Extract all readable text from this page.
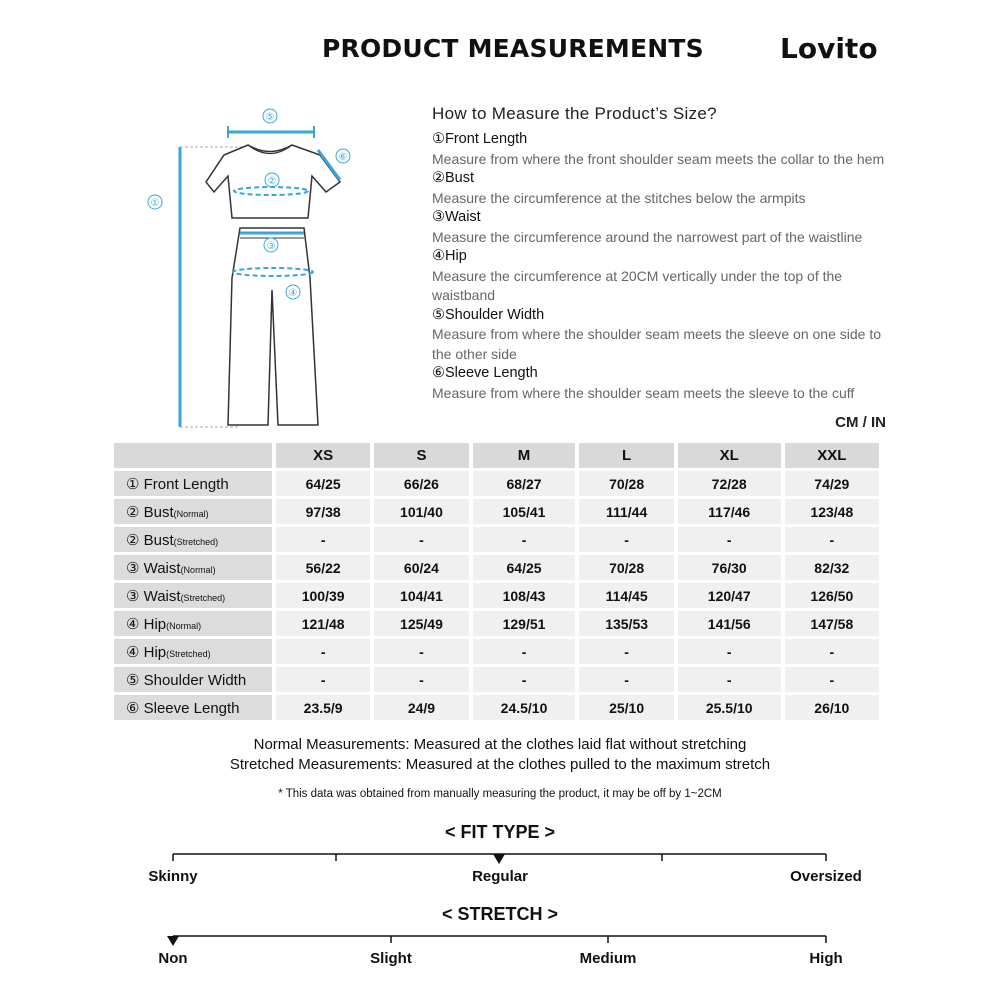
PRODUCT MEASUREMENTS	Lovito
①
⑤
⑥
②
③
④
How to Measure the Product’s Size?
①Front Length
Measure from where the front shoulder seam meets the collar to the hem
②Bust
Measure the circumference at the stitches below the armpits
③Waist
Measure the circumference around the narrowest part of the waistline
④Hip
Measure the circumference at 20CM vertically under the top of the
waistband
⑤Shoulder Width
Measure from where the shoulder seam meets the sleeve on one side to
the other side
⑥Sleeve Length
Measure from where the shoulder seam meets the sleeve to the cuff
CM / IN
	XS	S	M	L	XL	XXL
① Front Length	64/25	66/26	68/27	70/28	72/28	74/29
② Bust(Normal)	97/38	101/40	105/41	111/44	117/46	123/48
② Bust(Stretched)	-	-	-	-	-	-
③ Waist(Normal)	56/22	60/24	64/25	70/28	76/30	82/32
③ Waist(Stretched)	100/39	104/41	108/43	114/45	120/47	126/50
④ Hip(Normal)	121/48	125/49	129/51	135/53	141/56	147/58
④ Hip(Stretched)	-	-	-	-	-	-
⑤ Shoulder Width	-	-	-	-	-	-
⑥ Sleeve Length	23.5/9	24/9	24.5/10	25/10	25.5/10	26/10
Normal Measurements: Measured at the clothes laid flat without stretching
Stretched Measurements: Measured at the clothes pulled to the maximum stretch
* This data was obtained from manually measuring the product, it may be off by 1~2CM
< FIT TYPE >
Skinny	Regular	Oversized
< STRETCH >
Non	Slight	Medium	High
